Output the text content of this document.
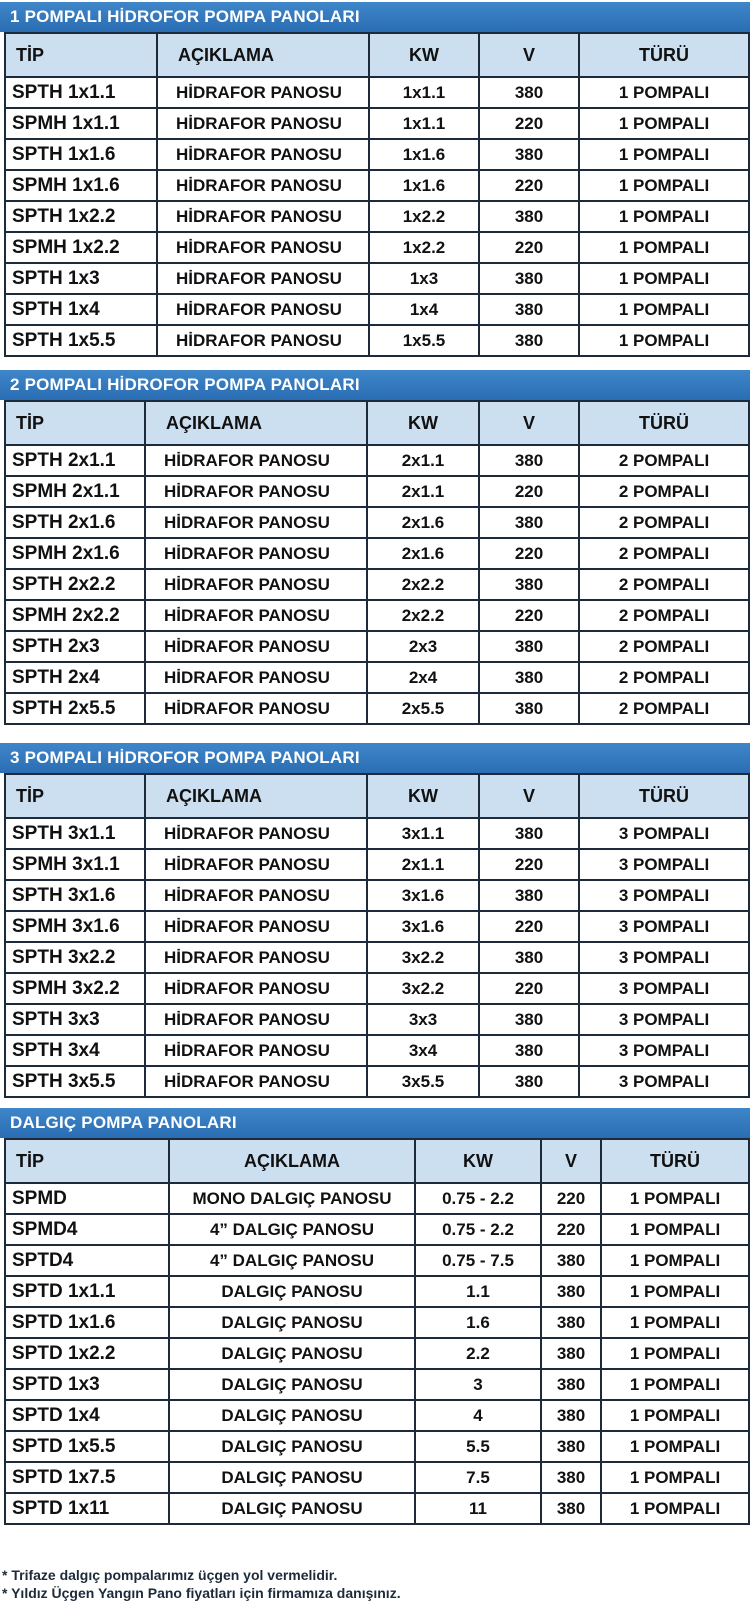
1 POMPALI HİDROFOR POMPA PANOLARI
TİP	AÇIKLAMA	KW	V	TÜRÜ
SPTH 1x1.1	HİDRAFOR PANOSU	1x1.1	380	1 POMPALI
SPMH 1x1.1	HİDRAFOR PANOSU	1x1.1	220	1 POMPALI
SPTH 1x1.6	HİDRAFOR PANOSU	1x1.6	380	1 POMPALI
SPMH 1x1.6	HİDRAFOR PANOSU	1x1.6	220	1 POMPALI
SPTH 1x2.2	HİDRAFOR PANOSU	1x2.2	380	1 POMPALI
SPMH 1x2.2	HİDRAFOR PANOSU	1x2.2	220	1 POMPALI
SPTH 1x3	HİDRAFOR PANOSU	1x3	380	1 POMPALI
SPTH 1x4	HİDRAFOR PANOSU	1x4	380	1 POMPALI
SPTH 1x5.5	HİDRAFOR PANOSU	1x5.5	380	1 POMPALI
2 POMPALI HİDROFOR POMPA PANOLARI
TİP	AÇIKLAMA	KW	V	TÜRÜ
SPTH 2x1.1	HİDRAFOR PANOSU	2x1.1	380	2 POMPALI
SPMH 2x1.1	HİDRAFOR PANOSU	2x1.1	220	2 POMPALI
SPTH 2x1.6	HİDRAFOR PANOSU	2x1.6	380	2 POMPALI
SPMH 2x1.6	HİDRAFOR PANOSU	2x1.6	220	2 POMPALI
SPTH 2x2.2	HİDRAFOR PANOSU	2x2.2	380	2 POMPALI
SPMH 2x2.2	HİDRAFOR PANOSU	2x2.2	220	2 POMPALI
SPTH 2x3	HİDRAFOR PANOSU	2x3	380	2 POMPALI
SPTH 2x4	HİDRAFOR PANOSU	2x4	380	2 POMPALI
SPTH 2x5.5	HİDRAFOR PANOSU	2x5.5	380	2 POMPALI
3 POMPALI HİDROFOR POMPA PANOLARI
TİP	AÇIKLAMA	KW	V	TÜRÜ
SPTH 3x1.1	HİDRAFOR PANOSU	3x1.1	380	3 POMPALI
SPMH 3x1.1	HİDRAFOR PANOSU	2x1.1	220	3 POMPALI
SPTH 3x1.6	HİDRAFOR PANOSU	3x1.6	380	3 POMPALI
SPMH 3x1.6	HİDRAFOR PANOSU	3x1.6	220	3 POMPALI
SPTH 3x2.2	HİDRAFOR PANOSU	3x2.2	380	3 POMPALI
SPMH 3x2.2	HİDRAFOR PANOSU	3x2.2	220	3 POMPALI
SPTH 3x3	HİDRAFOR PANOSU	3x3	380	3 POMPALI
SPTH 3x4	HİDRAFOR PANOSU	3x4	380	3 POMPALI
SPTH 3x5.5	HİDRAFOR PANOSU	3x5.5	380	3 POMPALI
DALGIÇ POMPA PANOLARI
TİP	AÇIKLAMA	KW	V	TÜRÜ
SPMD	MONO DALGIÇ PANOSU	0.75 - 2.2	220	1 POMPALI
SPMD4	4” DALGIÇ PANOSU	0.75 - 2.2	220	1 POMPALI
SPTD4	4” DALGIÇ PANOSU	0.75 - 7.5	380	1 POMPALI
SPTD 1x1.1	DALGIÇ PANOSU	1.1	380	1 POMPALI
SPTD 1x1.6	DALGIÇ PANOSU	1.6	380	1 POMPALI
SPTD 1x2.2	DALGIÇ PANOSU	2.2	380	1 POMPALI
SPTD 1x3	DALGIÇ PANOSU	3	380	1 POMPALI
SPTD 1x4	DALGIÇ PANOSU	4	380	1 POMPALI
SPTD 1x5.5	DALGIÇ PANOSU	5.5	380	1 POMPALI
SPTD 1x7.5	DALGIÇ PANOSU	7.5	380	1 POMPALI
SPTD 1x11	DALGIÇ PANOSU	11	380	1 POMPALI
* Trifaze dalgıç pompalarımız üçgen yol vermelidir.
* Yıldız Üçgen Yangın Pano fiyatları için firmamıza danışınız.
